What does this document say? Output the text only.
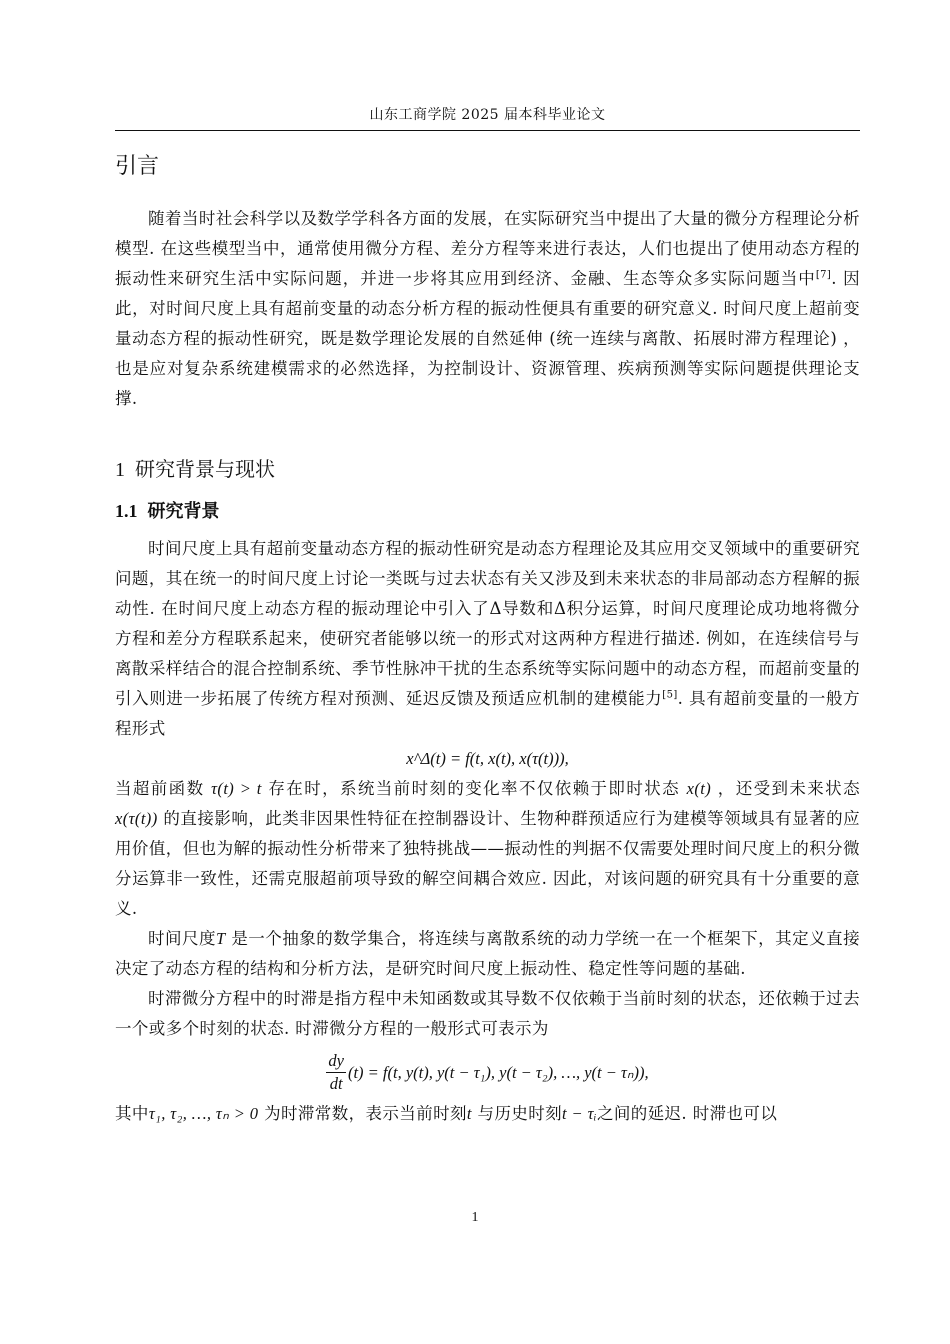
山东工商学院 2025 届本科毕业论文
引言

随着当时社会科学以及数学学科各方面的发展，在实际研究当中提出了大量的微分方程理论分析模型. 在这些模型当中，通常使用微分方程、差分方程等来进行表达，人们也提出了使用动态方程的振动性来研究生活中实际问题，并进一步将其应用到经济、金融、生态等众多实际问题当中[7]. 因此，对时间尺度上具有超前变量的动态分析方程的振动性便具有重要的研究意义. 时间尺度上超前变量动态方程的振动性研究，既是数学理论发展的自然延伸 (统一连续与离散、拓展时滞方程理论) ，也是应对复杂系统建模需求的必然选择，为控制设计、资源管理、疾病预测等实际问题提供理论支撑.

1 研究背景与现状
1.1 研究背景

时间尺度上具有超前变量动态方程的振动性研究是动态方程理论及其应用交叉领域中的重要研究问题，其在统一的时间尺度上讨论一类既与过去状态有关又涉及到未来状态的非局部动态方程解的振动性. 在时间尺度上动态方程的振动理论中引入了Δ导数和Δ积分运算，时间尺度理论成功地将微分方程和差分方程联系起来，使研究者能够以统一的形式对这两种方程进行描述. 例如，在连续信号与离散采样结合的混合控制系统、季节性脉冲干扰的生态系统等实际问题中的动态方程，而超前变量的引入则进一步拓展了传统方程对预测、延迟反馈及预适应机制的建模能力[5]. 具有超前变量的一般方程形式

x^Δ(t) = f(t, x(t), x(τ(t))),

当超前函数 τ(t) > t 存在时，系统当前时刻的变化率不仅依赖于即时状态 x(t) ，还受到未来状态 x(τ(t)) 的直接影响，此类非因果性特征在控制器设计、生物种群预适应行为建模等领域具有显著的应用价值，但也为解的振动性分析带来了独特挑战——振动性的判据不仅需要处理时间尺度上的积分微分运算非一致性，还需克服超前项导致的解空间耦合效应. 因此，对该问题的研究具有十分重要的意义.

时间尺度T 是一个抽象的数学集合，将连续与离散系统的动力学统一在一个框架下，其定义直接决定了动态方程的结构和分析方法，是研究时间尺度上振动性、稳定性等问题的基础.

时滞微分方程中的时滞是指方程中未知函数或其导数不仅依赖于当前时刻的状态，还依赖于过去一个或多个时刻的状态. 时滞微分方程的一般形式可表示为

$\frac{dy}{dt} (t) = f(t$, y(t), y(t − τ₁), y(t − τ₂), …, y(t − τₙ)),

其中τ₁, τ₂, …, τₙ > 0 为时滞常数，表示当前时刻t 与历史时刻t − τᵢ之间的延迟. 时滞也可以

1
